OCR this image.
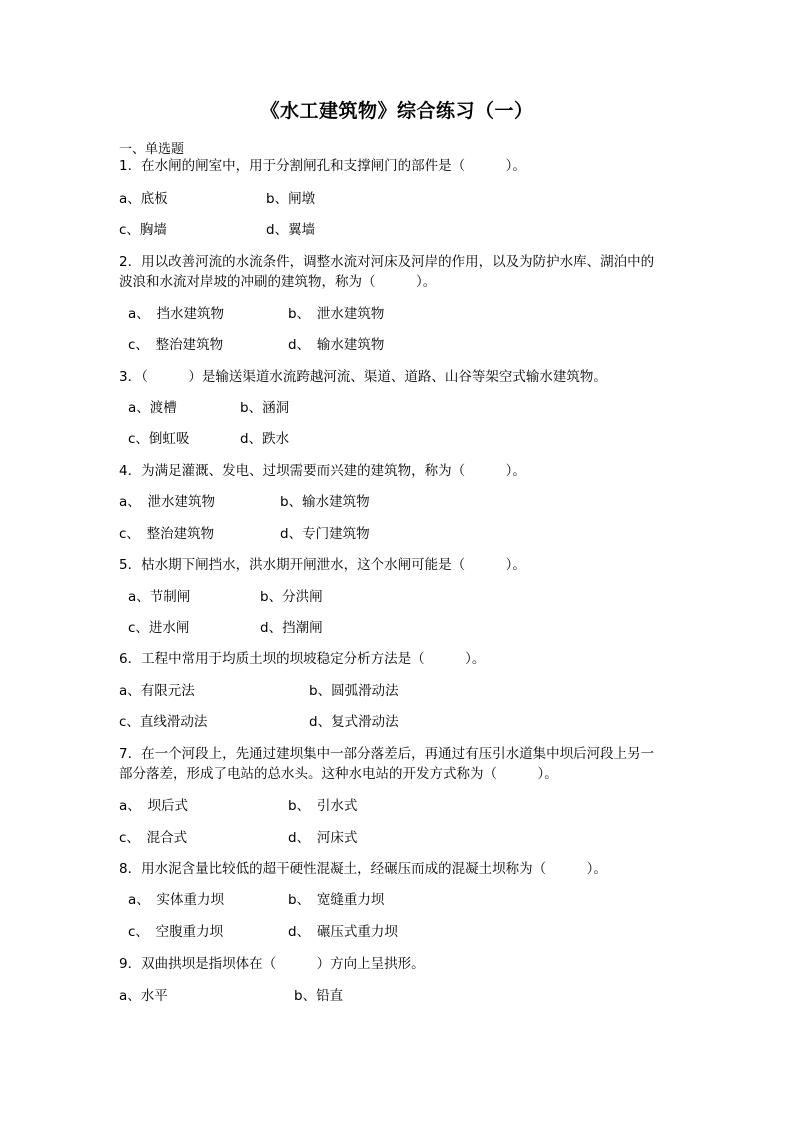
《水工建筑物》综合练习（一）
一、单选题
1．在水闸的闸室中，用于分割闸孔和支撑闸门的部件是（　　　）。
a、底板	b、闸墩
c、胸墙	d、翼墙
2．用以改善河流的水流条件，调整水流对河床及河岸的作用，以及为防护水库、湖泊中的
波浪和水流对岸坡的冲刷的建筑物，称为（　　　）。
a、　挡水建筑物	b、　泄水建筑物
c、　整治建筑物	d、　输水建筑物
3．（　　　）是输送渠道水流跨越河流、渠道、道路、山谷等架空式输水建筑物。
a、渡槽	b、涵洞
c、倒虹吸	d、跌水
4．为满足灌溉、发电、过坝需要而兴建的建筑物，称为（　　　）。
a、　泄水建筑物	b、输水建筑物
c、　整治建筑物	d、专门建筑物
5．枯水期下闸挡水，洪水期开闸泄水，这个水闸可能是（　　　）。
a、节制闸	b、分洪闸
c、进水闸	d、挡潮闸
6．工程中常用于均质土坝的坝坡稳定分析方法是（　　　）。
a、有限元法	b、圆弧滑动法
c、直线滑动法	d、复式滑动法
7．在一个河段上，先通过建坝集中一部分落差后，再通过有压引水道集中坝后河段上另一
部分落差，形成了电站的总水头。这种水电站的开发方式称为（　　　）。
a、　坝后式	b、　引水式
c、　混合式	d、　河床式
8．用水泥含量比较低的超干硬性混凝土，经碾压而成的混凝土坝称为（　　　）。
a、　实体重力坝	b、　宽缝重力坝
c、　空腹重力坝	d、　碾压式重力坝
9．双曲拱坝是指坝体在（　　　）方向上呈拱形。
a、水平	b、铅直
